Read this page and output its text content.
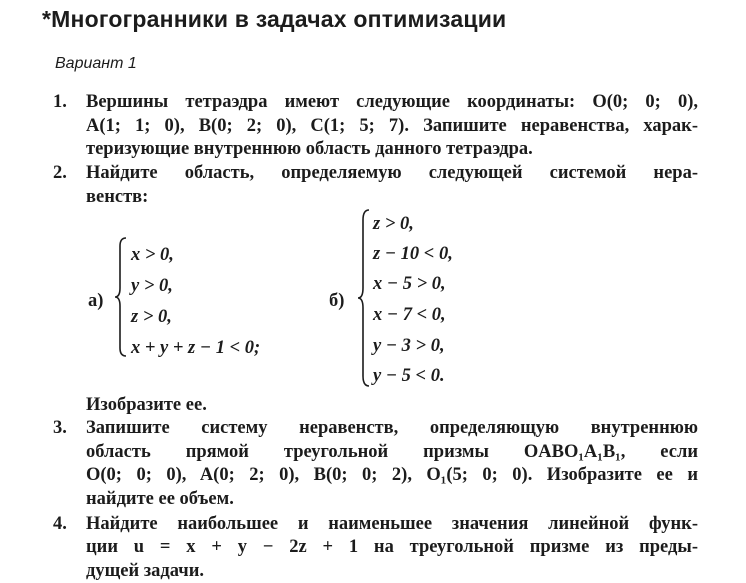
*Многогранники в задачах оптимизации
Вариант 1
1.	Вершины тетраэдра имеют следующие координаты: O(0; 0; 0),
A(1; 1; 0), B(0; 2; 0), C(1; 5; 7). Запишите неравенства, харак-
теризующие внутреннюю область данного тетраэдра.
2.	Найдите область, определяемую следующей системой нера-
венств:
а)
x > 0,
y > 0,
z > 0,
x + y + z − 1 < 0;
б)
z > 0,
z − 10 < 0,
x − 5 > 0,
x − 7 < 0,
y − 3 > 0,
y − 5 < 0.
Изобразите ее.
3.	Запишите систему неравенств, определяющую внутреннюю
область прямой треугольной призмы OABO₁A₁B₁, если
O(0; 0; 0), A(0; 2; 0), B(0; 0; 2), O₁(5; 0; 0). Изобразите ее и
найдите ее объем.
4.	Найдите наибольшее и наименьшее значения линейной функ-
ции u = x + y − 2z + 1 на треугольной призме из преды-
дущей задачи.
